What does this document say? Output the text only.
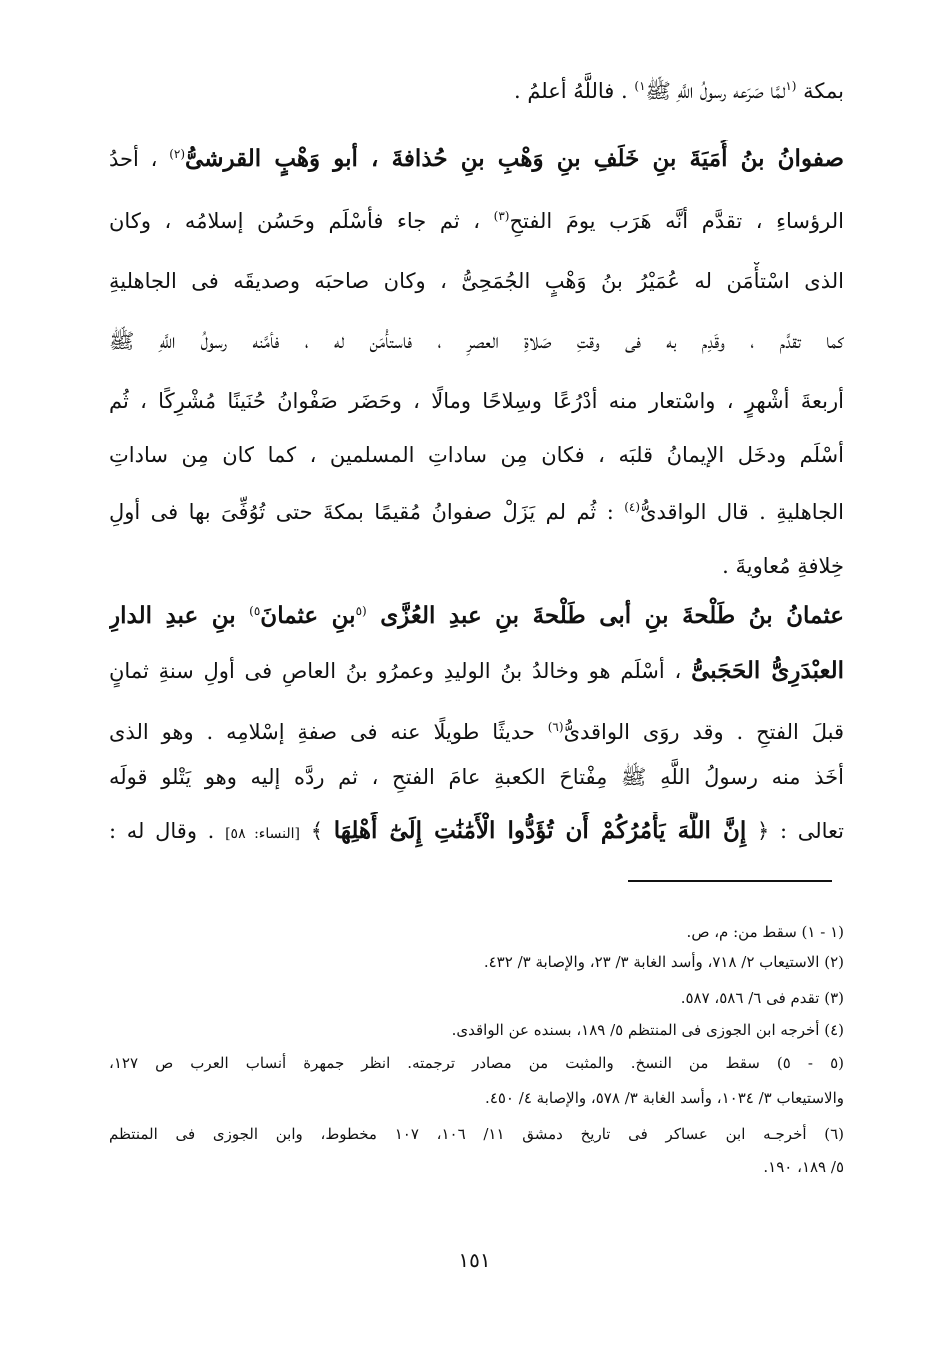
بمكة $^{(١}$لمَّا صَرَعه رسولُ اللَّهِ ﷺ$^{١)}$ . فاللَّهُ أعلمُ .
صفوانُ بنُ أُمَيَةَ بنِ خَلَفِ بنِ وَهْبِ بنِ حُذافةَ ، أبو وَهْبٍ القرشىُّ$^{(٢)}$ ، أحدُ
الرؤساءِ ، تقدَّم أنَّه هَرَب يومَ الفتحِ$^{(٣)}$ ، ثم جاء فأسْلَم وحَسُن إسلامُه ، وكان
الذى اسْتأْمَن له عُمَيْرُ بنُ وَهْبٍ الجُمَحِىُّ ، وكان صاحبَه وصديقَه فى الجاهليةِ
كما تقدَّم ، وقَدِم به فى وقتِ صَلاةِ العصرِ ، فاستأْمَن له ، فأمَّنه رسولُ اللَّهِ ﷺ
أربعةَ أشْهرٍ ، واسْتعار منه أدْرُعًا وسِلاحًا ومالًا ، وحَضَر صَفْوانُ حُنَينًا مُشْرِكًا ، ثُم
أسْلَم ودخَل الإيمانُ قلبَه ، فكان مِن ساداتِ المسلمين ، كما كان مِن ساداتِ
الجاهليةِ . قال الواقدىُّ$^{(٤)}$ : ثُم لم يَزَلْ صفوانُ مُقيمًا بمكةَ حتى تُوُفِّىَ بها فى أولِ
خِلافةِ مُعاويةَ .
عثمانُ بنُ طَلْحةَ بنِ أبى طَلْحةَ بنِ عبدِ العُزَّى $^{(٥}$بنِ عثمانَ$^{٥)}$ بنِ عبدِ الدارِ
العبْدَرِىُّ الحَجَبىُّ ، أسْلَم هو وخالدُ بنُ الوليدِ وعمرُو بنُ العاصِ فى أولِ سنةِ ثمانٍ
قبلَ الفتحِ . وقد روَى الواقدىُّ$^{(٦)}$ حديثًا طويلًا عنه فى صفةِ إسْلامِه . وهو الذى
أخَذ منه رسولُ اللَّهِ ﷺ مِفْتاحَ الكعبةِ عامَ الفتحِ ، ثم ردَّه إليه وهو يَتْلو قولَه
تعالى : ﴿ إِنَّ اللَّهَ يَأْمُرُكُمْ أَن تُؤَدُّوا الْأَمَٰنَٰتِ إِلَىٰٓ أَهْلِهَا ﴾ [النساء: ٥٨] . وقال له :
(١ - ١) سقط من: م، ص.
(٢) الاستيعاب ٢/ ٧١٨، وأسد الغابة ٣/ ٢٣، والإصابة ٣/ ٤٣٢.
(٣) تقدم فى ٦/ ٥٨٦، ٥٨٧.
(٤) أخرجه ابن الجوزى فى المنتظم ٥/ ١٨٩، بسنده عن الواقدى.
(٥ - ٥) سقط من النسخ. والمثبت من مصادر ترجمته. انظر جمهرة أنساب العرب ص ١٢٧،
والاستيعاب ٣/ ١٠٣٤، وأسد الغابة ٣/ ٥٧٨، والإصابة ٤/ ٤٥٠.
(٦) أخرجـه ابن عساكر فى تاريخ دمشق ١١/ ١٠٦، ١٠٧ مخطوط، وابن الجوزى فى المنتظم
٥/ ١٨٩، ١٩٠.
١٥١
